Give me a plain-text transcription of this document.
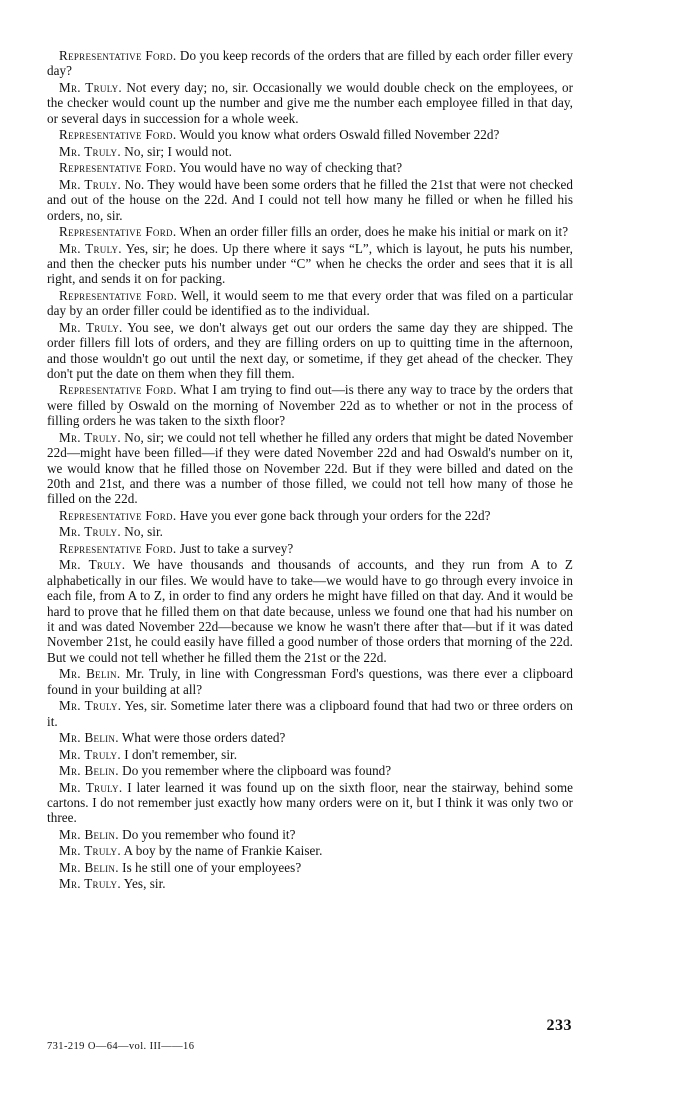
Representative Ford. Do you keep records of the orders that are filled by each order filler every day?

Mr. Truly. Not every day; no, sir. Occasionally we would double check on the employees, or the checker would count up the number and give me the number each employee filled in that day, or several days in succession for a whole week.

Representative Ford. Would you know what orders Oswald filled November 22d?

Mr. Truly. No, sir; I would not.

Representative Ford. You would have no way of checking that?

Mr. Truly. No. They would have been some orders that he filled the 21st that were not checked and out of the house on the 22d. And I could not tell how many he filled or when he filled his orders, no, sir.

Representative Ford. When an order filler fills an order, does he make his initial or mark on it?

Mr. Truly. Yes, sir; he does. Up there where it says “L”, which is layout, he puts his number, and then the checker puts his number under “C” when he checks the order and sees that it is all right, and sends it on for packing.

Representative Ford. Well, it would seem to me that every order that was filed on a particular day by an order filler could be identified as to the individual.

Mr. Truly. You see, we don't always get out our orders the same day they are shipped. The order fillers fill lots of orders, and they are filling orders on up to quitting time in the afternoon, and those wouldn't go out until the next day, or sometime, if they get ahead of the checker. They don't put the date on them when they fill them.

Representative Ford. What I am trying to find out—is there any way to trace by the orders that were filled by Oswald on the morning of November 22d as to whether or not in the process of filling orders he was taken to the sixth floor?

Mr. Truly. No, sir; we could not tell whether he filled any orders that might be dated November 22d—might have been filled—if they were dated November 22d and had Oswald's number on it, we would know that he filled those on November 22d. But if they were billed and dated on the 20th and 21st, and there was a number of those filled, we could not tell how many of those he filled on the 22d.

Representative Ford. Have you ever gone back through your orders for the 22d?

Mr. Truly. No, sir.

Representative Ford. Just to take a survey?

Mr. Truly. We have thousands and thousands of accounts, and they run from A to Z alphabetically in our files. We would have to take—we would have to go through every invoice in each file, from A to Z, in order to find any orders he might have filled on that day. And it would be hard to prove that he filled them on that date because, unless we found one that had his number on it and was dated November 22d—because we know he wasn't there after that—but if it was dated November 21st, he could easily have filled a good number of those orders that morning of the 22d. But we could not tell whether he filled them the 21st or the 22d.

Mr. Belin. Mr. Truly, in line with Congressman Ford's questions, was there ever a clipboard found in your building at all?

Mr. Truly. Yes, sir. Sometime later there was a clipboard found that had two or three orders on it.

Mr. Belin. What were those orders dated?

Mr. Truly. I don't remember, sir.

Mr. Belin. Do you remember where the clipboard was found?

Mr. Truly. I later learned it was found up on the sixth floor, near the stairway, behind some cartons. I do not remember just exactly how many orders were on it, but I think it was only two or three.

Mr. Belin. Do you remember who found it?

Mr. Truly. A boy by the name of Frankie Kaiser.

Mr. Belin. Is he still one of your employees?

Mr. Truly. Yes, sir.

233
731-219 O—64—vol. III——16
